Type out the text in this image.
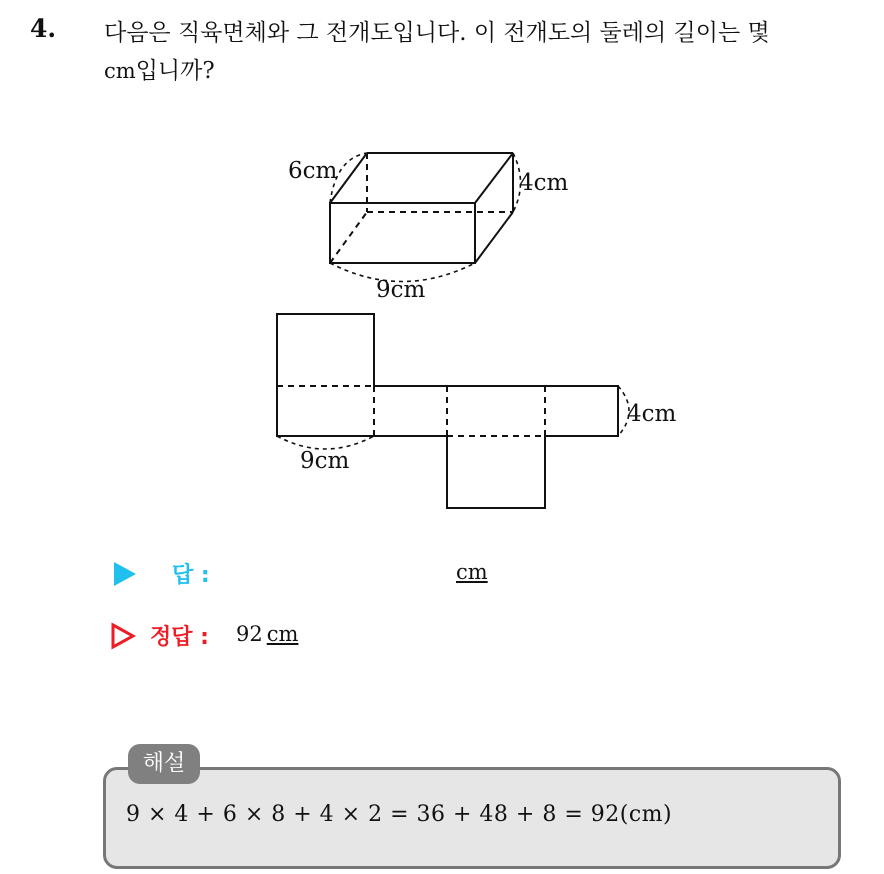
4. 다음은 직육면체와 그 전개도입니다. 이 전개도의 둘레의 길이는 몇
cm입니까?
6cm	4cm
9cm
4cm
9cm
답 :	cm
정답 : 92 cm
해설
9 × 4 + 6 × 8 + 4 × 2 = 36 + 48 + 8 = 92(cm)
